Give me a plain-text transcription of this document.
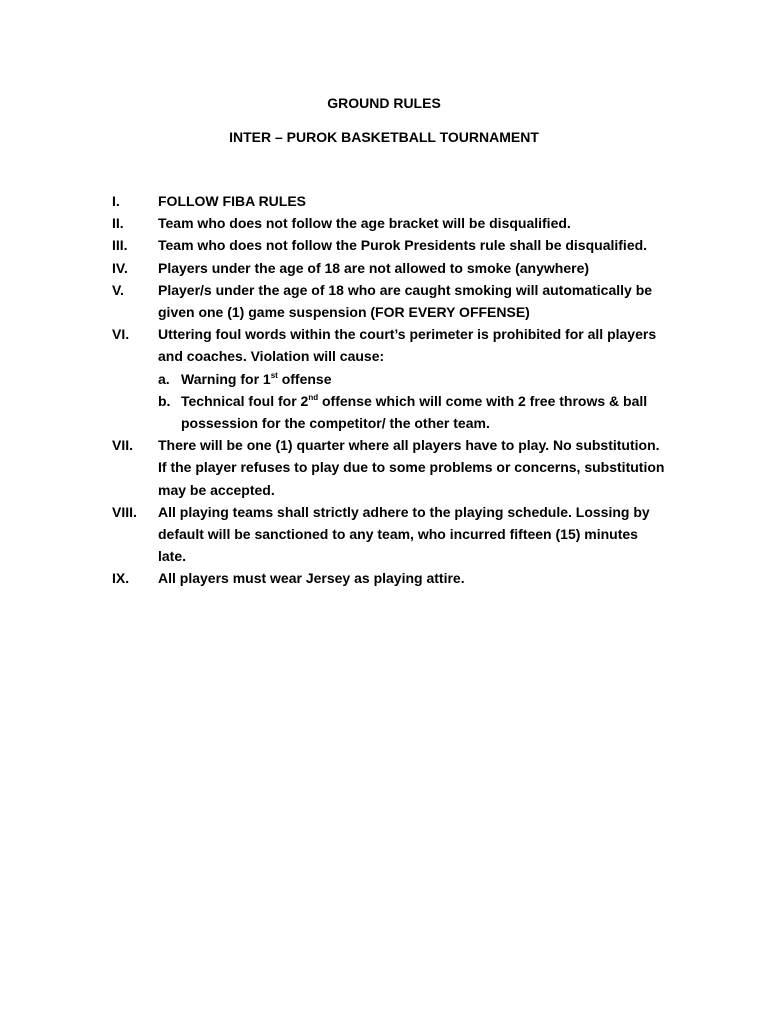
GROUND RULES
INTER – PUROK BASKETBALL TOURNAMENT
I.	FOLLOW FIBA RULES
II. Team who does not follow the age bracket will be disqualified.
III. Team who does not follow the Purok Presidents rule shall be disqualified.
IV. Players under the age of 18 are not allowed to smoke (anywhere)
V. Player/s under the age of 18 who are caught smoking will automatically be
given one (1) game suspension (FOR EVERY OFFENSE)
VI. Uttering foul words within the court’s perimeter is prohibited for all players
and coaches. Violation will cause:
a. Warning for 1st offense
b. Technical foul for 2nd offense which will come with 2 free throws & ball
possession for the competitor/ the other team.
VII. There will be one (1) quarter where all players have to play. No substitution.
If the player refuses to play due to some problems or concerns, substitution
may be accepted.
VIII. All playing teams shall strictly adhere to the playing schedule. Lossing by
default will be sanctioned to any team, who incurred fifteen (15) minutes
late.
IX. All players must wear Jersey as playing attire.
